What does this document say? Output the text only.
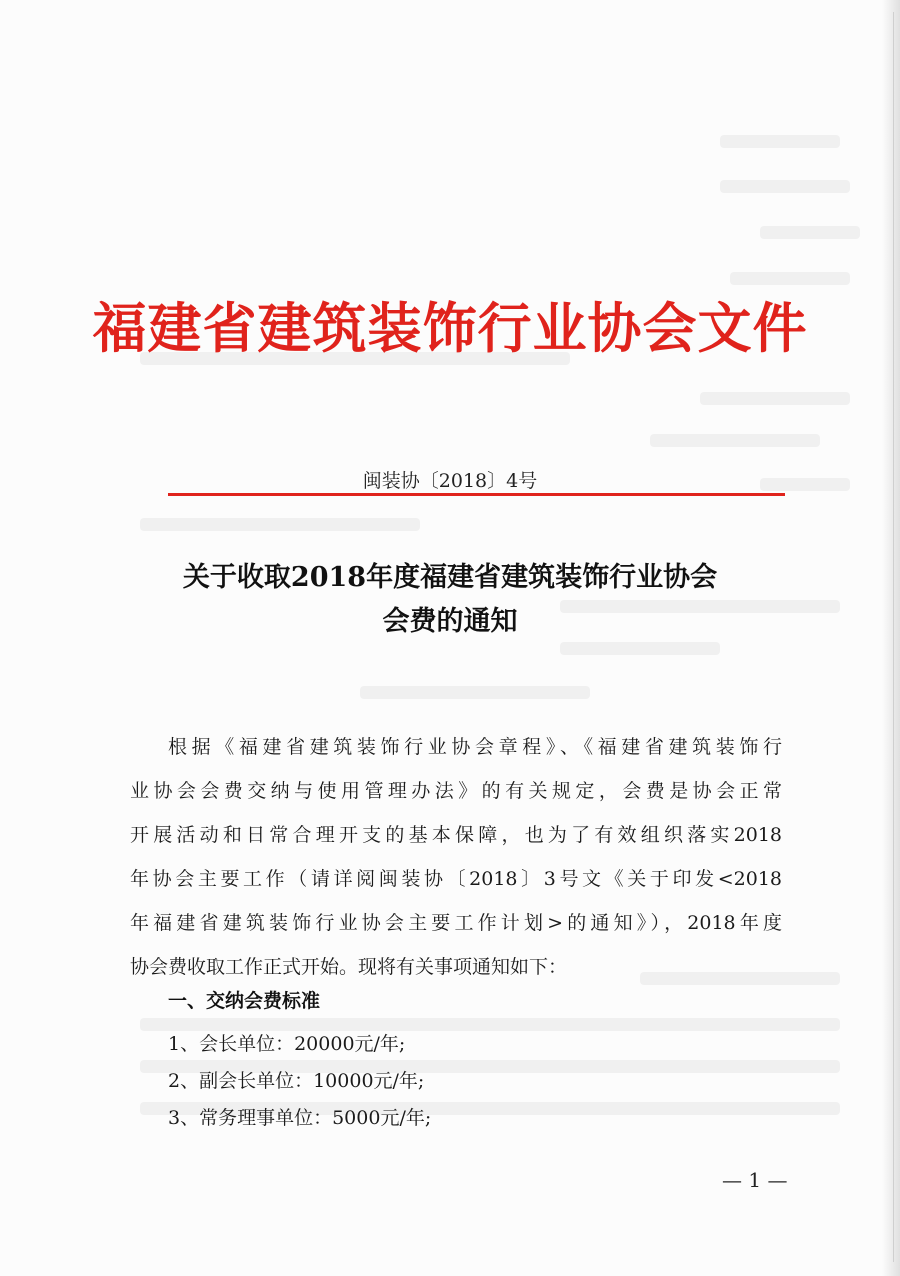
福建省建筑装饰行业协会文件
闽装协〔2018〕4号
关于收取2018年度福建省建筑装饰行业协会
会费的通知
根据《福建省建筑装饰行业协会章程》、《福建省建筑装饰行
业协会会费交纳与使用管理办法》的有关规定，会费是协会正常
开展活动和日常合理开支的基本保障，也为了有效组织落实2018
年协会主要工作（请详阅闽装协〔2018〕3号文《关于印发<2018
年福建省建筑装饰行业协会主要工作计划>的通知》），2018年度
协会费收取工作正式开始。现将有关事项通知如下：
一、交纳会费标准
1、会长单位：20000元/年;
2、副会长单位：10000元/年;
3、常务理事单位：5000元/年;
— 1 —
